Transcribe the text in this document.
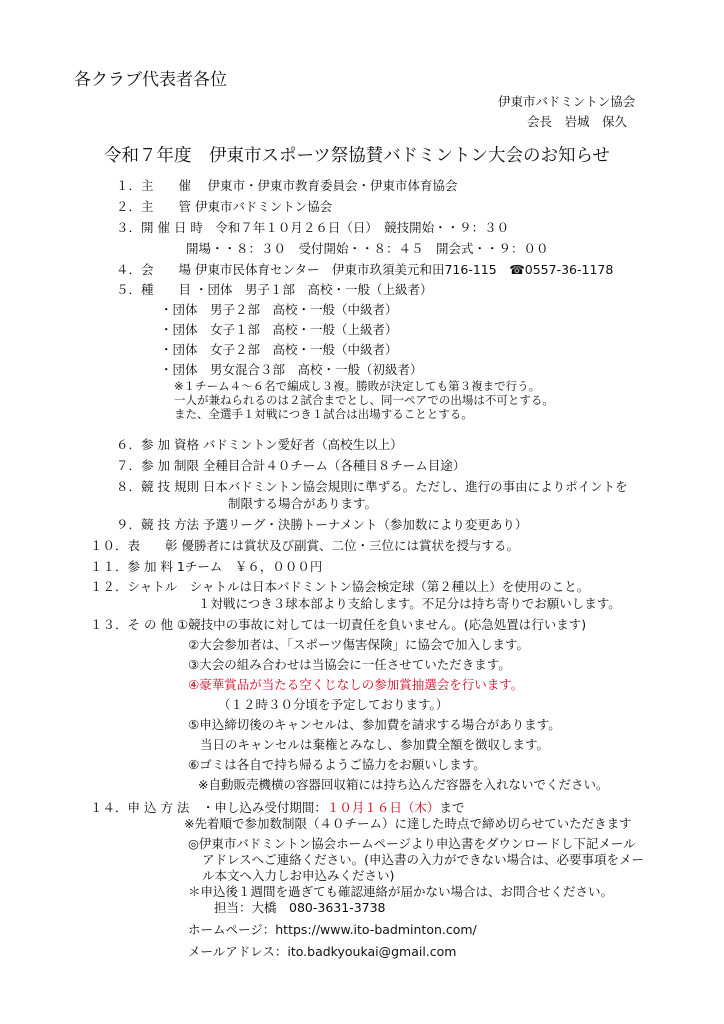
各クラブ代表者各位
伊東市バドミントン協会
会長　岩城　保久
令和７年度　伊東市スポーツ祭協賛バドミントン大会のお知らせ
１．主　　催　 伊東市・伊東市教育委員会・伊東市体育協会
２．主　　管 伊東市バドミントン協会
３．開 催 日 時　令和７年１０月２６日（日）　競技開始・・９：３０
開場・・８：３０　受付開始・・８：４５　開会式・・９：００
４．会　　場 伊東市民体育センター　伊東市玖須美元和田716-115　☎0557-36-1178
５．種　　目 ・団体　男子１部　高校・一般（上級者）
・団体　男子２部　高校・一般（中級者）
・団体　女子１部　高校・一般（上級者）
・団体　女子２部　高校・一般（中級者）
・団体　男女混合３部　高校・一般（初級者）
※１チーム４～６名で編成し３複。勝敗が決定しても第３複まで行う。
一人が兼ねられるのは２試合までとし、同一ペアでの出場は不可とする。
また、全選手１対戦につき１試合は出場することとする。
６．参 加 資格 バドミントン愛好者（高校生以上）
７．参 加 制限 全種目合計４０チーム（各種目８チーム目途）
８．競 技 規則 日本バドミントン協会規則に準ずる。ただし、進行の事由によりポイントを
制限する場合があります。
９．競 技 方法 予選リーグ・決勝トーナメント（参加数により変更あり）
１０．表　　彰 優勝者には賞状及び副賞、二位・三位には賞状を授与する。
１１．参 加 料 1チーム　￥６，０００円
１２．シャトル　シャトルは日本バドミントン協会検定球（第２種以上）を使用のこと。
１対戦につき３球本部より支給します。不足分は持ち寄りでお願いします。
１３．そ の 他 ①競技中の事故に対しては一切責任を負いません。(応急処置は行います)
②大会参加者は、「スポーツ傷害保険」に協会で加入します。
③大会の組み合わせは当協会に一任させていただきます。
④豪華賞品が当たる空くじなしの参加賞抽選会を行います。
（１２時３０分頃を予定しております。）
⑤申込締切後のキャンセルは、参加費を請求する場合があります。
当日のキャンセルは棄権とみなし、参加費全額を徴収します。
⑥ゴミは各自で持ち帰るようご協力をお願いします。
※自動販売機横の容器回収箱には持ち込んだ容器を入れないでください。
１４．申 込 方 法　・申し込み受付期間：１０月１６日（木）まで
※先着順で参加数制限（４０チーム）に達した時点で締め切らせていただきます
◎伊東市バドミントン協会ホームページより申込書をダウンロードし下記メール
アドレスへご連絡ください。(申込書の入力ができない場合は、必要事項をメー
ル本文へ入力しお申込みください)
＊申込後１週間を過ぎても確認連絡が届かない場合は、お問合せください。
担当：大橋　080-3631-3738
ホームページ：https://www.ito-badminton.com/
メールアドレス：ito.badkyoukai@gmail.com
